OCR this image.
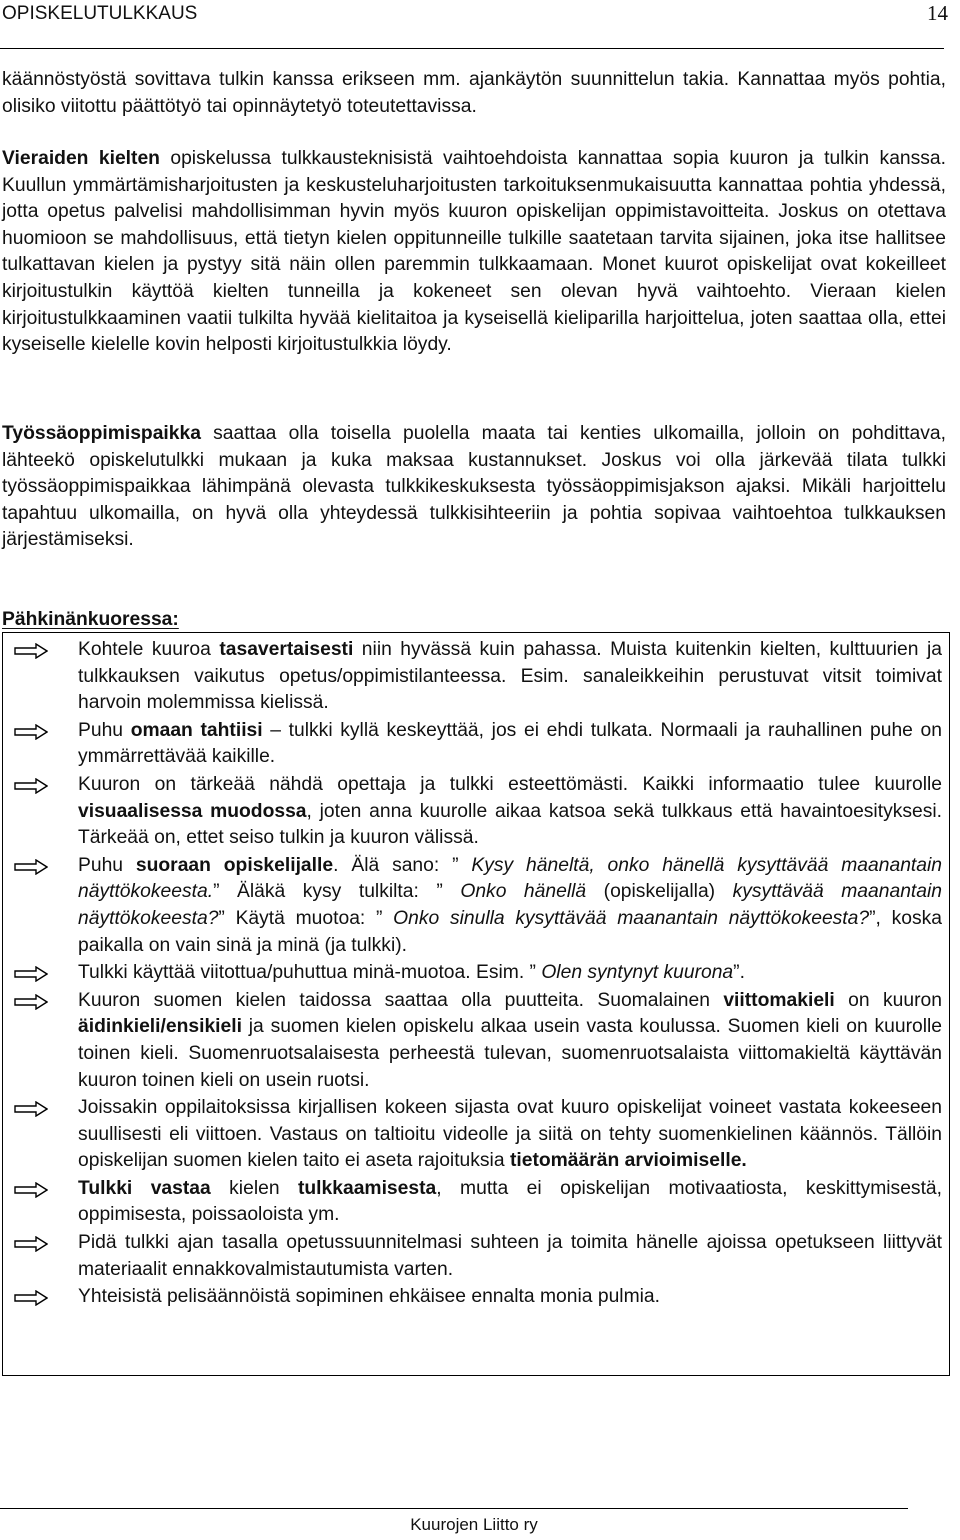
OPISKELUTULKKAUS	14
käännöstyöstä sovittava tulkin kanssa erikseen mm. ajankäytön suunnittelun takia. Kannattaa myös pohtia, olisiko viitottu päättötyö tai opinnäytetyö toteutettavissa.
Vieraiden kielten opiskelussa tulkkausteknisistä vaihtoehdoista kannattaa sopia kuuron ja tulkin kanssa. Kuullun ymmärtämisharjoitusten ja keskusteluharjoitusten tarkoituksenmukaisuutta kannattaa pohtia yhdessä, jotta opetus palvelisi mahdollisimman hyvin myös kuuron opiskelijan oppimistavoitteita. Joskus on otettava huomioon se mahdollisuus, että tietyn kielen oppitunneille tulkille saatetaan tarvita sijainen, joka itse hallitsee tulkattavan kielen ja pystyy sitä näin ollen paremmin tulkkaamaan. Monet kuurot opiskelijat ovat kokeilleet kirjoitustulkin käyttöä kielten tunneilla ja kokeneet sen olevan hyvä vaihtoehto. Vieraan kielen kirjoitustulkkaaminen vaatii tulkilta hyvää kielitaitoa ja kyseisellä kieliparilla harjoittelua, joten saattaa olla, ettei kyseiselle kielelle kovin helposti kirjoitustulkkia löydy.
Työssäoppimispaikka saattaa olla toisella puolella maata tai kenties ulkomailla, jolloin on pohdittava, lähteekö opiskelutulkki mukaan ja kuka maksaa kustannukset. Joskus voi olla järkevää tilata tulkki työssäoppimispaikkaa lähimpänä olevasta tulkkikeskuksesta työssäoppimisjakson ajaksi. Mikäli harjoittelu tapahtuu ulkomailla, on hyvä olla yhteydessä tulkkisihteeriin ja pohtia sopivaa vaihtoehtoa tulkkauksen järjestämiseksi.
Pähkinänkuoressa:
Kohtele kuuroa tasavertaisesti niin hyvässä kuin pahassa. Muista kuitenkin kielten, kulttuurien ja tulkkauksen vaikutus opetus/oppimistilanteessa. Esim. sanaleikkeihin perustuvat vitsit toimivat harvoin molemmissa kielissä.
Puhu omaan tahtiisi – tulkki kyllä keskeyttää, jos ei ehdi tulkata. Normaali ja rauhallinen puhe on ymmärrettävää kaikille.
Kuuron on tärkeää nähdä opettaja ja tulkki esteettömästi. Kaikki informaatio tulee kuurolle visuaalisessa muodossa, joten anna kuurolle aikaa katsoa sekä tulkkaus että havaintoesityksesi. Tärkeää on, ettet seiso tulkin ja kuuron välissä.
Puhu suoraan opiskelijalle. Älä sano: ” Kysy häneltä, onko hänellä kysyttävää maanantain näyttökokeesta.” Äläkä kysy tulkilta: ” Onko hänellä (opiskelijalla) kysyttävää maanantain näyttökokeesta?” Käytä muotoa: ” Onko sinulla kysyttävää maanantain näyttökokeesta?”, koska paikalla on vain sinä ja minä (ja tulkki).
Tulkki käyttää viitottua/puhuttua minä-muotoa. Esim. ” Olen syntynyt kuurona”.
Kuuron suomen kielen taidossa saattaa olla puutteita. Suomalainen viittomakieli on kuuron äidinkieli/ensikieli ja suomen kielen opiskelu alkaa usein vasta koulussa. Suomen kieli on kuurolle toinen kieli. Suomenruotsalaisesta perheestä tulevan, suomenruotsalaista viittomakieltä käyttävän kuuron toinen kieli on usein ruotsi.
Joissakin oppilaitoksissa kirjallisen kokeen sijasta ovat kuuro opiskelijat voineet vastata kokeeseen suullisesti eli viittoen. Vastaus on taltioitu videolle ja siitä on tehty suomenkielinen käännös. Tällöin opiskelijan suomen kielen taito ei aseta rajoituksia tietomäärän arvioimiselle.
Tulkki vastaa kielen tulkkaamisesta, mutta ei opiskelijan motivaatiosta, keskittymisestä, oppimisesta, poissaoloista ym.
Pidä tulkki ajan tasalla opetussuunnitelmasi suhteen ja toimita hänelle ajoissa opetukseen liittyvät materiaalit ennakkovalmistautumista varten.
Yhteisistä pelisäännöistä sopiminen ehkäisee ennalta monia pulmia.
Kuurojen Liitto ry
